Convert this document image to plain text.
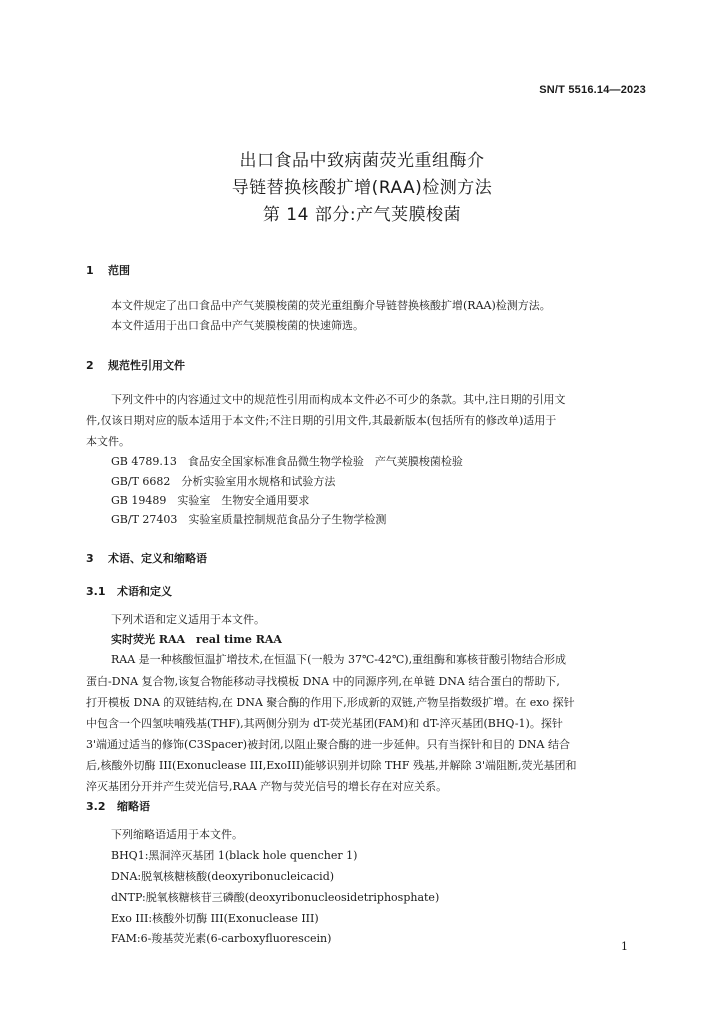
SN/T 5516.14—2023
出口食品中致病菌荧光重组酶介
导链替换核酸扩增(RAA)检测方法
第 14 部分:产气荚膜梭菌
1 范围
本文件规定了出口食品中产气荚膜梭菌的荧光重组酶介导链替换核酸扩增(RAA)检测方法。
本文件适用于出口食品中产气荚膜梭菌的快速筛选。
2 规范性引用文件
下列文件中的内容通过文中的规范性引用而构成本文件必不可少的条款。其中,注日期的引用文
件,仅该日期对应的版本适用于本文件;不注日期的引用文件,其最新版本(包括所有的修改单)适用于
本文件。
GB 4789.13　食品安全国家标准食品微生物学检验　产气荚膜梭菌检验
GB/T 6682　分析实验室用水规格和试验方法
GB 19489　实验室　生物安全通用要求
GB/T 27403　实验室质量控制规范食品分子生物学检测
3 术语、定义和缩略语
3.1 术语和定义
下列术语和定义适用于本文件。
实时荧光 RAA　real time RAA
RAA 是一种核酸恒温扩增技术,在恒温下(一般为 37℃-42℃),重组酶和寡核苷酸引物结合形成
蛋白-DNA 复合物,该复合物能移动寻找模板 DNA 中的同源序列,在单链 DNA 结合蛋白的帮助下,
打开模板 DNA 的双链结构,在 DNA 聚合酶的作用下,形成新的双链,产物呈指数级扩增。在 exo 探针
中包含一个四氢呋喃残基(THF),其两侧分别为 dT-荧光基团(FAM)和 dT-淬灭基团(BHQ-1)。探针
3'端通过适当的修饰(C3Spacer)被封闭,以阻止聚合酶的进一步延伸。只有当探针和目的 DNA 结合
后,核酸外切酶 III(Exonuclease III,ExoIII)能够识别并切除 THF 残基,并解除 3'端阻断,荧光基团和
淬灭基团分开并产生荧光信号,RAA 产物与荧光信号的增长存在对应关系。
3.2 缩略语
下列缩略语适用于本文件。
BHQ1:黑洞淬灭基团 1(black hole quencher 1)
DNA:脱氧核糖核酸(deoxyribonucleicacid)
dNTP:脱氧核糖核苷三磷酸(deoxyribonucleosidetriphosphate)
Exo III:核酸外切酶 III(Exonuclease III)
FAM:6-羧基荧光素(6-carboxyfluorescein)
1
